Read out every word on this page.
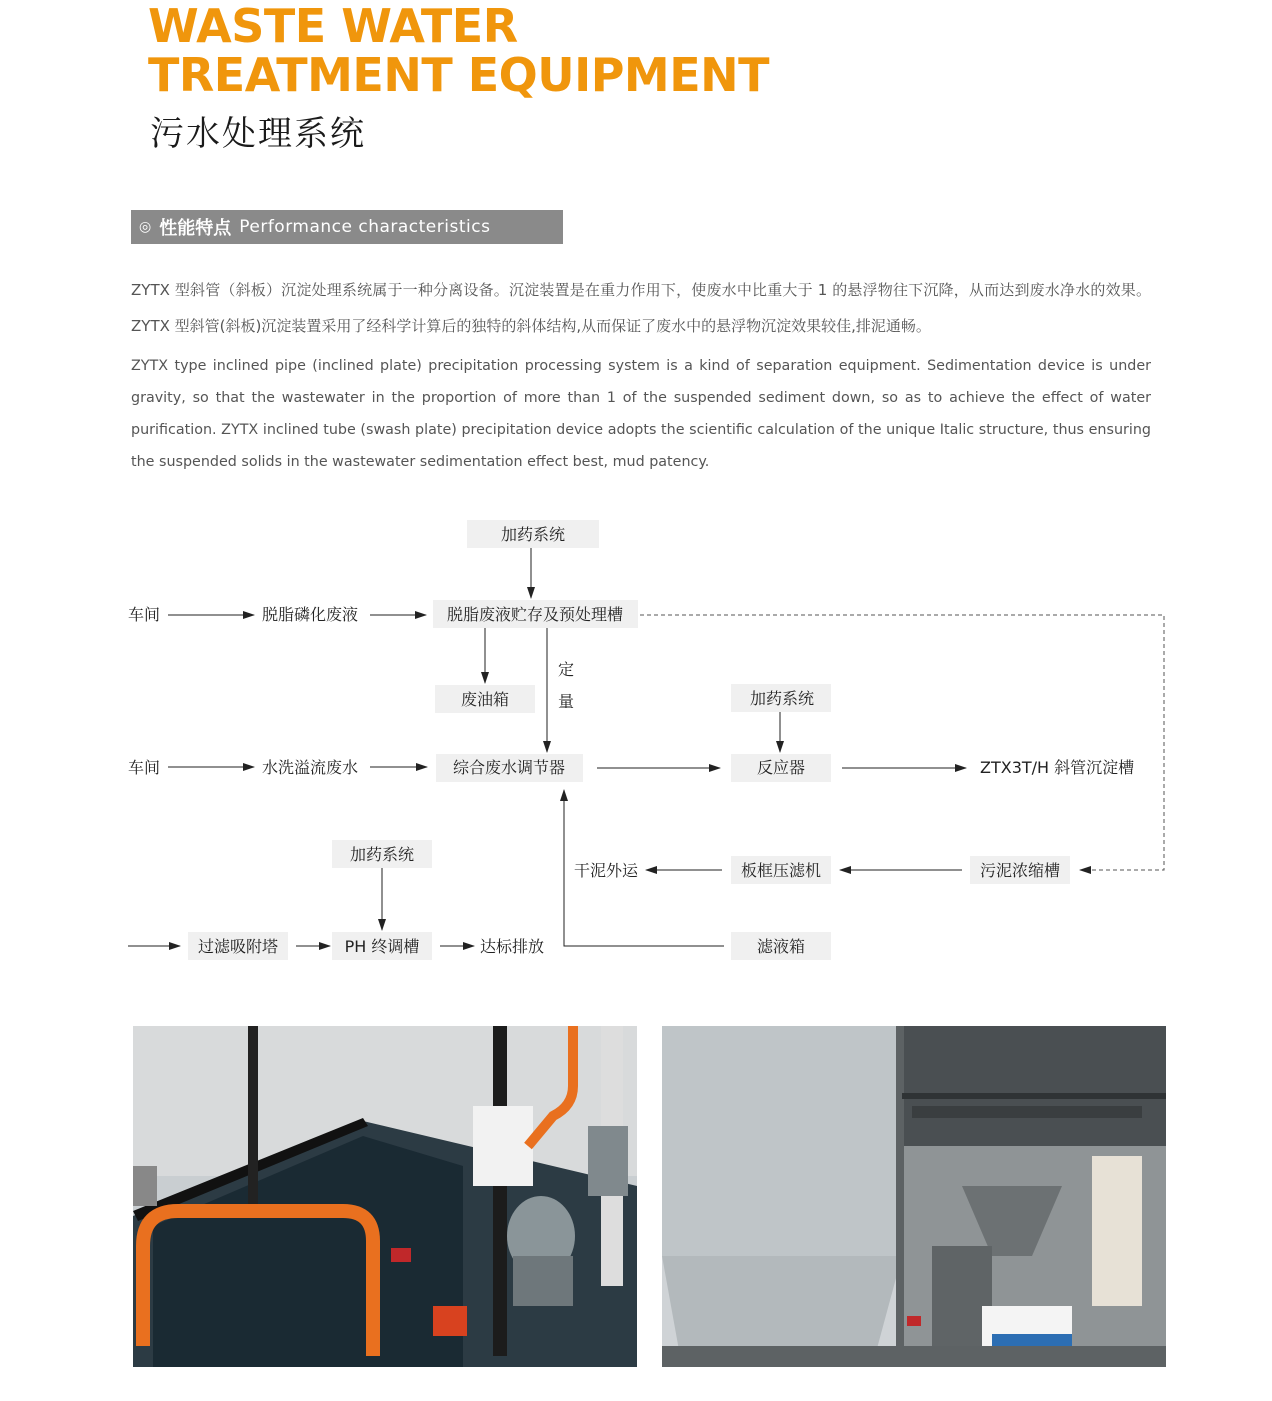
WASTE WATER
TREATMENT EQUIPMENT
污水处理系统
◎ 性能特点 Performance characteristics

ZYTX 型斜管（斜板）沉淀处理系统属于一种分离设备。沉淀装置是在重力作用下，使废水中比重大于 1 的悬浮物往下沉降，从而达到废水净水的效果。ZYTX 型斜管(斜板)沉淀装置采用了经科学计算后的独特的斜体结构,从而保证了废水中的悬浮物沉淀效果较佳,排泥通畅。

ZYTX type inclined pipe (inclined plate) precipitation processing system is a kind of separation equipment. Sedimentation device is under gravity, so that the wastewater in the proportion of more than 1 of the suspended sediment down, so as to achieve the effect of water purification. ZYTX inclined tube (swash plate) precipitation device adopts the scientific calculation of the unique Italic structure, thus ensuring the suspended solids in the wastewater sedimentation effect best, mud patency.

加药系统
车间	脱脂磷化废液	脱脂废液贮存及预处理槽
废油箱
定
量	加药系统
车间	水洗溢流废水	综合废水调节器	反应器	ZTX3T/H 斜管沉淀槽
加药系统
干泥外运	板框压滤机	污泥浓缩槽
过滤吸附塔	PH 终调槽	达标排放	滤液箱
